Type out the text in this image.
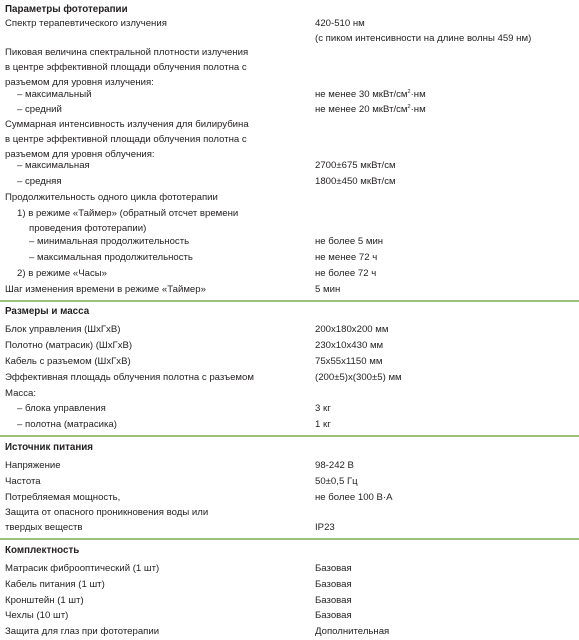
Параметры фототерапии
Спектр терапевтического излучения	420-510 нм
(с пиком интенсивности на длине волны 459 нм)
Пиковая величина спектральной плотности излучения
в центре эффективной площади облучения полотна с
разъемом для уровня излучения:
– максимальный	не менее 30 мкВт/$см^2\cdot нм$
– средний	не менее 20 мкВт/$см^2\cdot нм$
Суммарная интенсивность излучения для билирубина
в центре эффективной площади облучения полотна с
разъемом для уровня облучения:
– максимальная	2700±675 мкВт/см
– средняя	1800±450 мкВт/см
Продолжительность одного цикла фототерапии
1) в режиме «Таймер» (обратный отсчет времени
проведения фототерапии)
– минимальная продолжительность	не более 5 мин
– максимальная продолжительность	не менее 72 ч
2) в режиме «Часы»	не более 72 ч
Шаг изменения времени в режиме «Таймер»	5 мин
Размеры и масса
Блок управления (ШхГхВ)	200х180х200 мм
Полотно (матрасик) (ШхГхВ)	230х10х430 мм
Кабель с разъемом (ШхГхВ)	75х55х1150 мм
Эффективная площадь облучения полотна с разъемом	(200±5)х(300±5) мм
Масса:
– блока управления	3 кг
– полотна (матрасика)	1 кг
Источник питания
Напряжение	98-242 В
Частота	50±0,5 Гц
Потребляемая мощность,	не более 100 В·А
Защита от опасного проникновения воды или
твердых веществ	IP23
Комплектность
Матрасик фиброоптический (1 шт)	Базовая
Кабель питания (1 шт)	Базовая
Кронштейн (1 шт)	Базовая
Чехлы (10 шт)	Базовая
Защита для глаз при фототерапии	Дополнительная
